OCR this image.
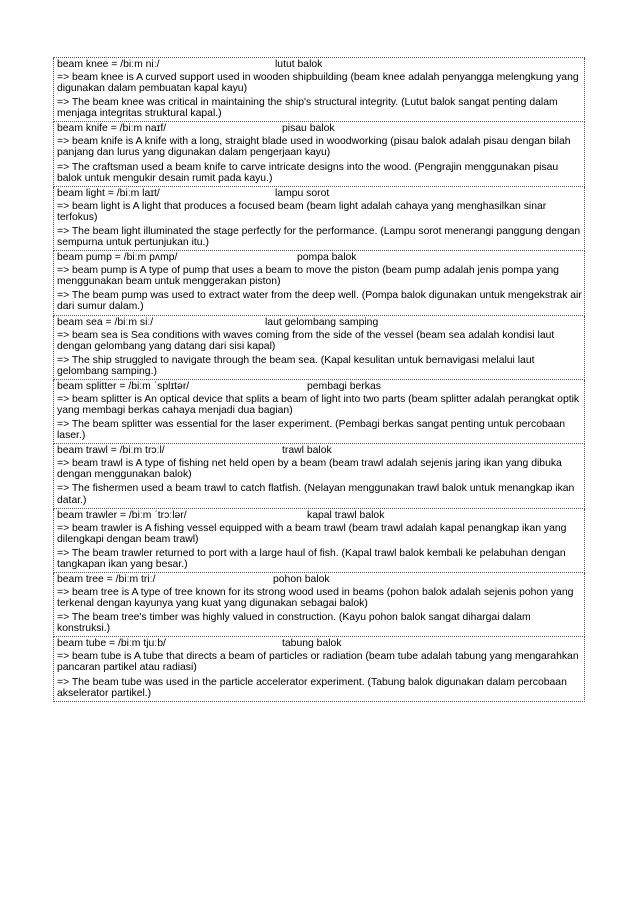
beam knee = /biːm niː/	lutut balok
=> beam knee is A curved support used in wooden shipbuilding (beam knee adalah penyangga melengkung yang digunakan dalam pembuatan kapal kayu)
=> The beam knee was critical in maintaining the ship's structural integrity. (Lutut balok sangat penting dalam menjaga integritas struktural kapal.)
beam knife = /biːm naɪf/	pisau balok
=> beam knife is A knife with a long, straight blade used in woodworking (pisau balok adalah pisau dengan bilah panjang dan lurus yang digunakan dalam pengerjaan kayu)
=> The craftsman used a beam knife to carve intricate designs into the wood. (Pengrajin menggunakan pisau balok untuk mengukir desain rumit pada kayu.)
beam light = /biːm laɪt/	lampu sorot
=> beam light is A light that produces a focused beam (beam light adalah cahaya yang menghasilkan sinar terfokus)
=> The beam light illuminated the stage perfectly for the performance. (Lampu sorot menerangi panggung dengan sempurna untuk pertunjukan itu.)
beam pump = /biːm pʌmp/	pompa balok
=> beam pump is A type of pump that uses a beam to move the piston (beam pump adalah jenis pompa yang menggunakan beam untuk menggerakan piston)
=> The beam pump was used to extract water from the deep well. (Pompa balok digunakan untuk mengekstrak air dari sumur dalam.)
beam sea = /biːm siː/	laut gelombang samping
=> beam sea is Sea conditions with waves coming from the side of the vessel (beam sea adalah kondisi laut dengan gelombang yang datang dari sisi kapal)
=> The ship struggled to navigate through the beam sea. (Kapal kesulitan untuk bernavigasi melalui laut gelombang samping.)
beam splitter = /biːm ˈsplɪtər/	pembagi berkas
=> beam splitter is An optical device that splits a beam of light into two parts (beam splitter adalah perangkat optik yang membagi berkas cahaya menjadi dua bagian)
=> The beam splitter was essential for the laser experiment. (Pembagi berkas sangat penting untuk percobaan laser.)
beam trawl = /biːm trɔːl/	trawl balok
=> beam trawl is A type of fishing net held open by a beam (beam trawl adalah sejenis jaring ikan yang dibuka dengan menggunakan balok)
=> The fishermen used a beam trawl to catch flatfish. (Nelayan menggunakan trawl balok untuk menangkap ikan datar.)
beam trawler = /biːm ˈtrɔːlər/	kapal trawl balok
=> beam trawler is A fishing vessel equipped with a beam trawl (beam trawl adalah kapal penangkap ikan yang dilengkapi dengan beam trawl)
=> The beam trawler returned to port with a large haul of fish. (Kapal trawl balok kembali ke pelabuhan dengan tangkapan ikan yang besar.)
beam tree = /biːm triː/	pohon balok
=> beam tree is A type of tree known for its strong wood used in beams (pohon balok adalah sejenis pohon yang terkenal dengan kayunya yang kuat yang digunakan sebagai balok)
=> The beam tree's timber was highly valued in construction. (Kayu pohon balok sangat dihargai dalam konstruksi.)
beam tube = /biːm tjuːb/	tabung balok
=> beam tube is A tube that directs a beam of particles or radiation (beam tube adalah tabung yang mengarahkan pancaran partikel atau radiasi)
=> The beam tube was used in the particle accelerator experiment. (Tabung balok digunakan dalam percobaan akselerator partikel.)
